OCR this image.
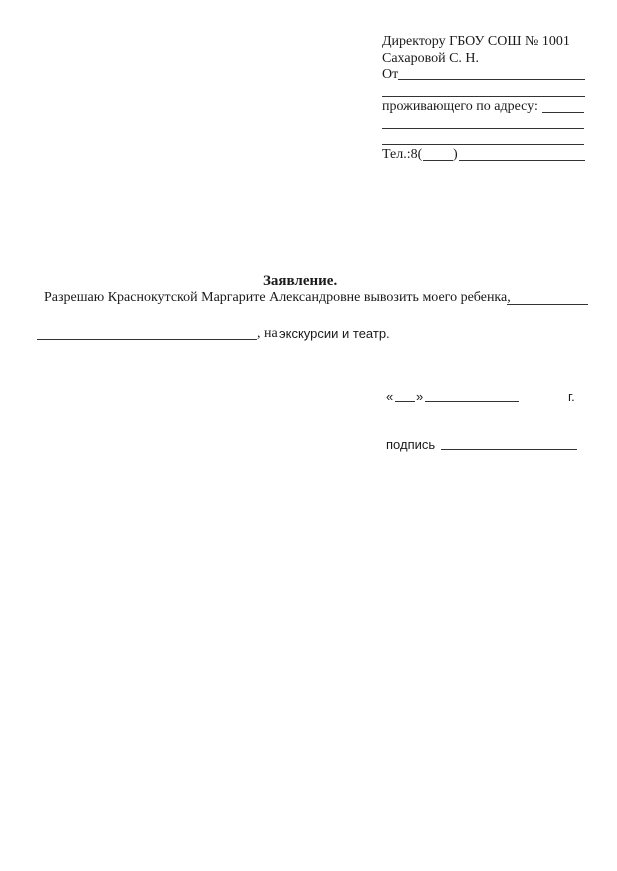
Директору ГБОУ СОШ № 1001
Сахаровой С. Н.
От
проживающего по адресу:
Тел.:8( )
Заявление.
Разрешаю Краснокутской Маргарите Александровне вывозить моего ребенка,
, на экскурсии и театр.
« »	г.
подпись
